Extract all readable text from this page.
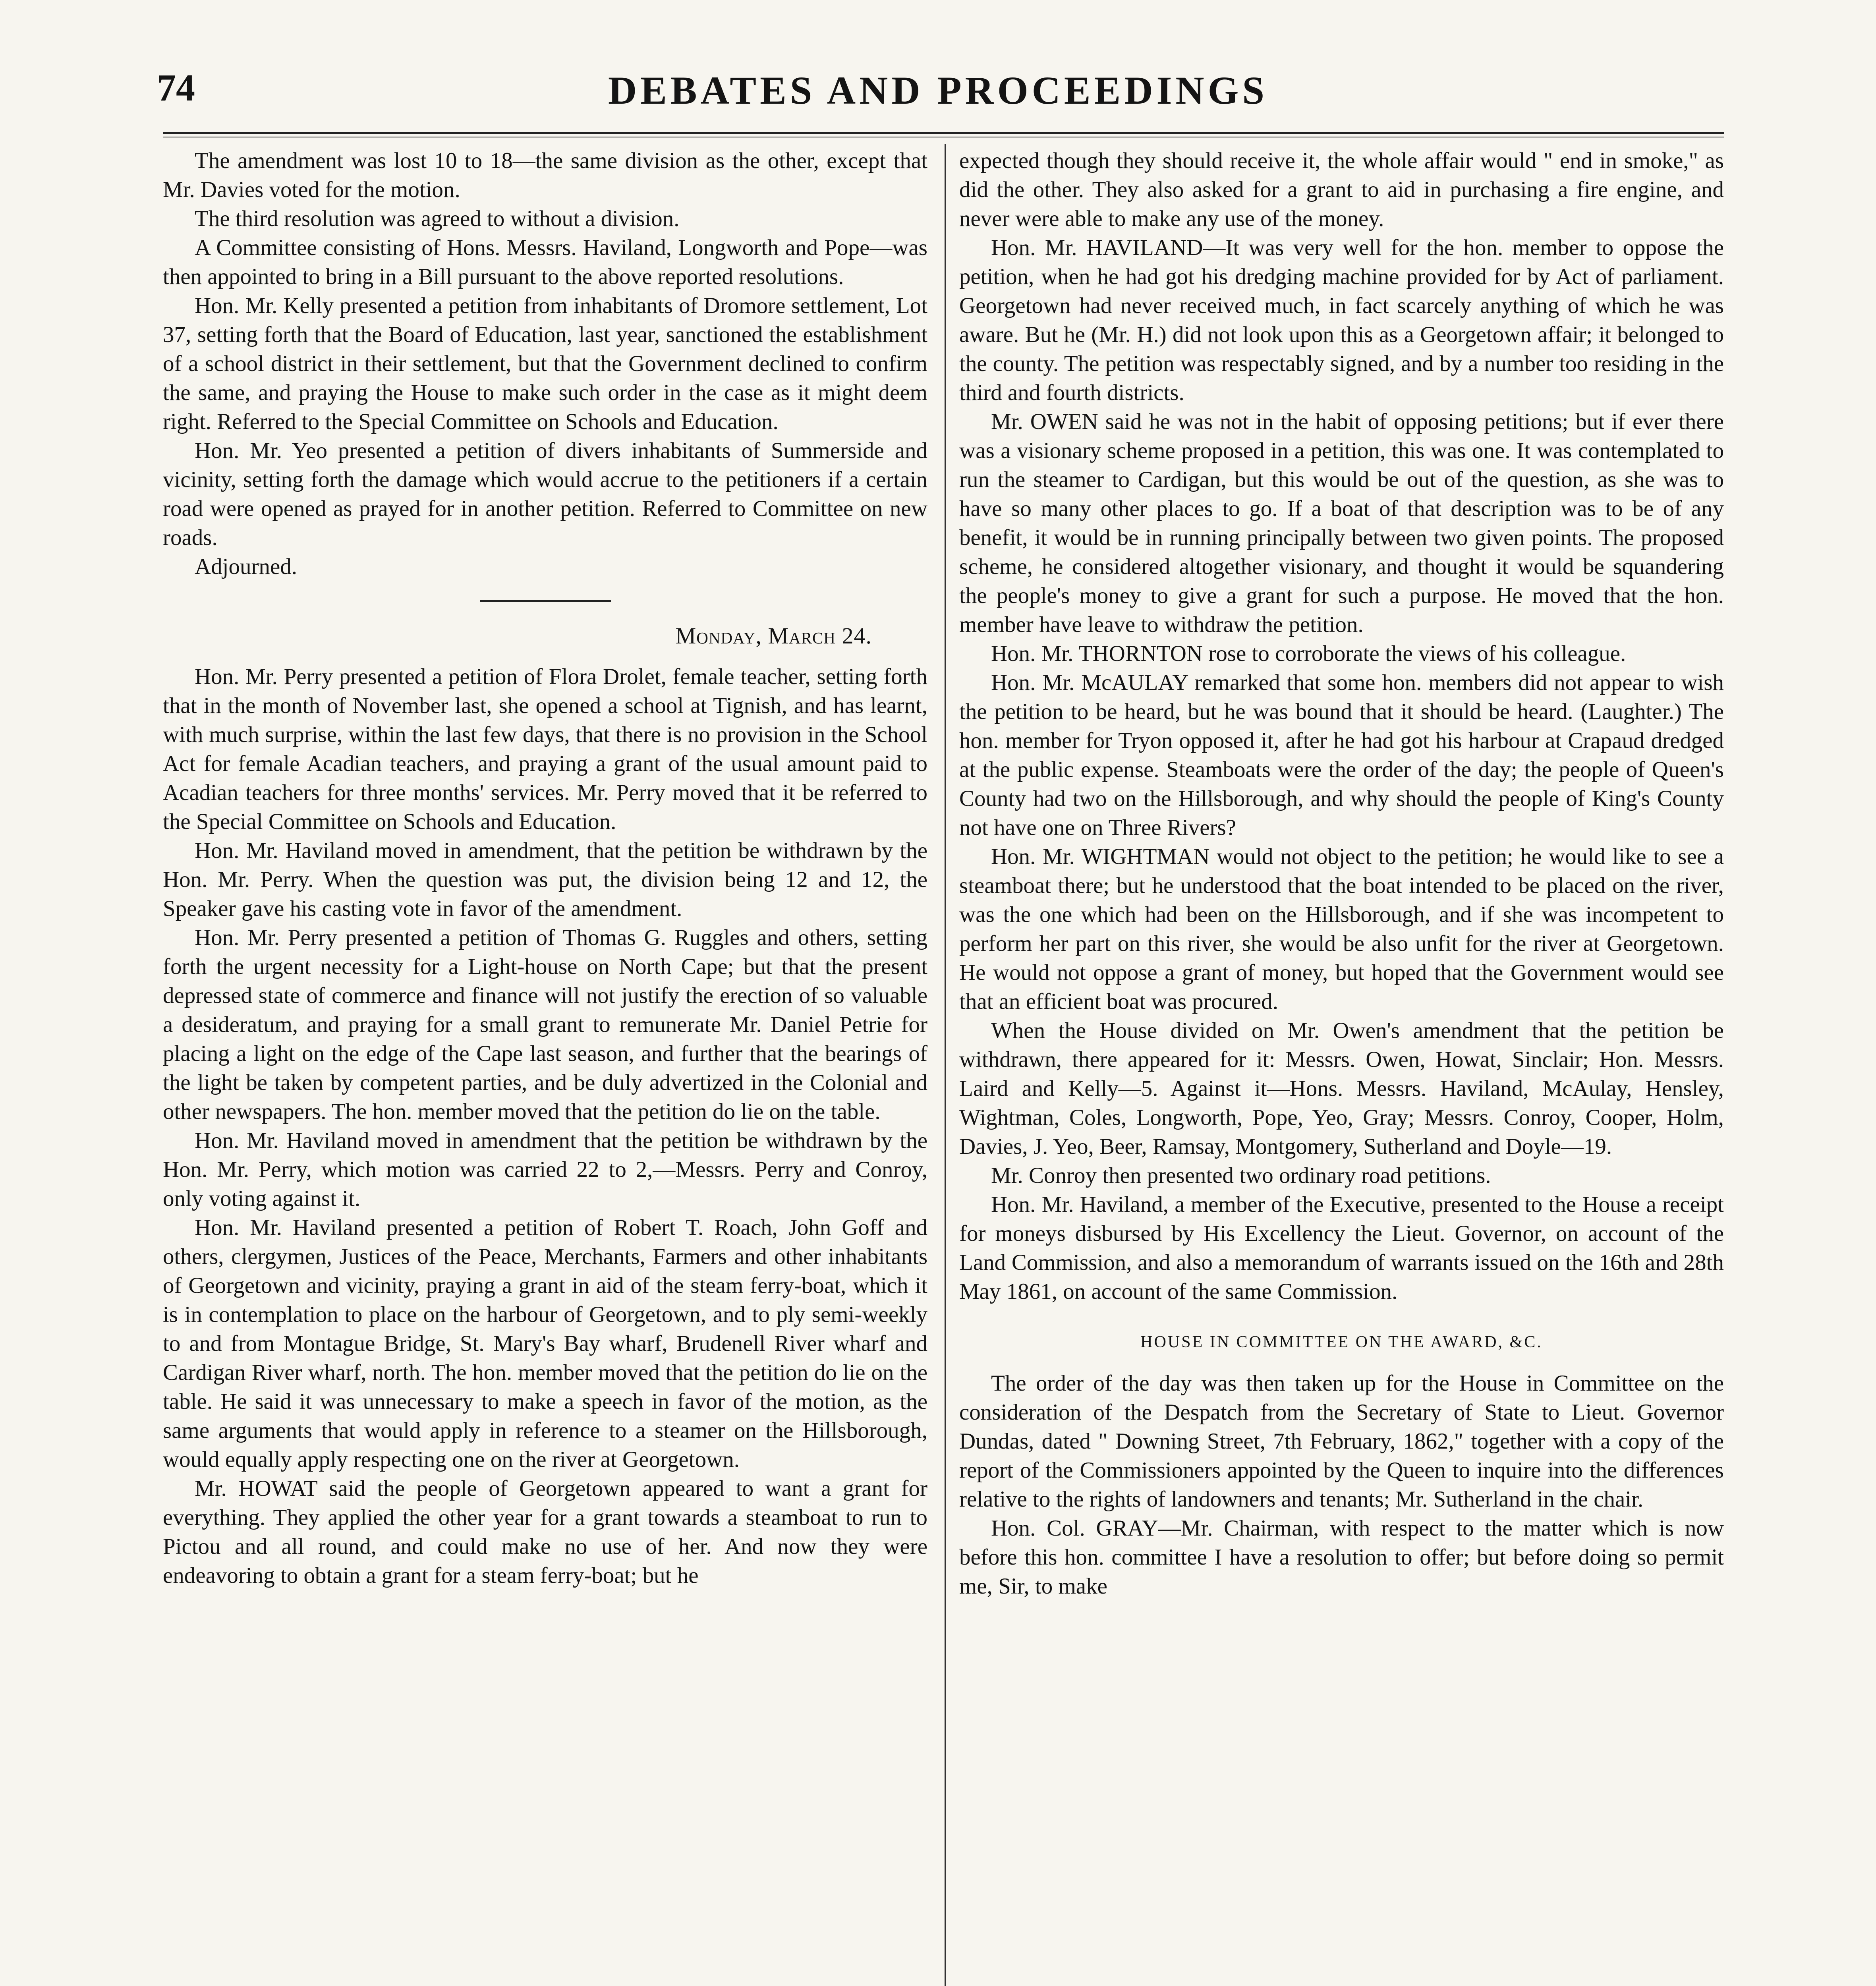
74	DEBATES AND PROCEEDINGS

The amendment was lost 10 to 18—the same division as the other, except that Mr. Davies voted for the motion.

The third resolution was agreed to without a division.

A Committee consisting of Hons. Messrs. Haviland, Longworth and Pope—was then appointed to bring in a Bill pursuant to the above reported resolutions.

Hon. Mr. Kelly presented a petition from inhabitants of Dromore settlement, Lot 37, setting forth that the Board of Education, last year, sanctioned the establishment of a school district in their settlement, but that the Government declined to confirm the same, and praying the House to make such order in the case as it might deem right. Referred to the Special Committee on Schools and Education.

Hon. Mr. Yeo presented a petition of divers inhabitants of Summerside and vicinity, setting forth the damage which would accrue to the petitioners if a certain road were opened as prayed for in another petition. Referred to Committee on new roads.

Adjourned.

Monday, March 24.

Hon. Mr. Perry presented a petition of Flora Drolet, female teacher, setting forth that in the month of November last, she opened a school at Tignish, and has learnt, with much surprise, within the last few days, that there is no provision in the School Act for female Acadian teachers, and praying a grant of the usual amount paid to Acadian teachers for three months' services. Mr. Perry moved that it be referred to the Special Committee on Schools and Education.

Hon. Mr. Haviland moved in amendment, that the petition be withdrawn by the Hon. Mr. Perry. When the question was put, the division being 12 and 12, the Speaker gave his casting vote in favor of the amendment.

Hon. Mr. Perry presented a petition of Thomas G. Ruggles and others, setting forth the urgent necessity for a Light-house on North Cape; but that the present depressed state of commerce and finance will not justify the erection of so valuable a desideratum, and praying for a small grant to remunerate Mr. Daniel Petrie for placing a light on the edge of the Cape last season, and further that the bearings of the light be taken by competent parties, and be duly advertized in the Colonial and other newspapers. The hon. member moved that the petition do lie on the table.

Hon. Mr. Haviland moved in amendment that the petition be withdrawn by the Hon. Mr. Perry, which motion was carried 22 to 2,—Messrs. Perry and Conroy, only voting against it.

Hon. Mr. Haviland presented a petition of Robert T. Roach, John Goff and others, clergymen, Justices of the Peace, Merchants, Farmers and other inhabitants of Georgetown and vicinity, praying a grant in aid of the steam ferry-boat, which it is in contemplation to place on the harbour of Georgetown, and to ply semi-weekly to and from Montague Bridge, St. Mary's Bay wharf, Brudenell River wharf and Cardigan River wharf, north. The hon. member moved that the petition do lie on the table. He said it was unnecessary to make a speech in favor of the motion, as the same arguments that would apply in reference to a steamer on the Hillsborough, would equally apply respecting one on the river at Georgetown.

Mr. HOWAT said the people of Georgetown appeared to want a grant for everything. They applied the other year for a grant towards a steamboat to run to Pictou and all round, and could make no use of her. And now they were endeavoring to obtain a grant for a steam ferry-boat; but he

expected though they should receive it, the whole affair would " end in smoke," as did the other. They also asked for a grant to aid in purchasing a fire engine, and never were able to make any use of the money.

Hon. Mr. HAVILAND—It was very well for the hon. member to oppose the petition, when he had got his dredging machine provided for by Act of parliament. Georgetown had never received much, in fact scarcely anything of which he was aware. But he (Mr. H.) did not look upon this as a Georgetown affair; it belonged to the county. The petition was respectably signed, and by a number too residing in the third and fourth districts.

Mr. OWEN said he was not in the habit of opposing petitions; but if ever there was a visionary scheme proposed in a petition, this was one. It was contemplated to run the steamer to Cardigan, but this would be out of the question, as she was to have so many other places to go. If a boat of that description was to be of any benefit, it would be in running principally between two given points. The proposed scheme, he considered altogether visionary, and thought it would be squandering the people's money to give a grant for such a purpose. He moved that the hon. member have leave to withdraw the petition.

Hon. Mr. THORNTON rose to corroborate the views of his colleague.

Hon. Mr. McAULAY remarked that some hon. members did not appear to wish the petition to be heard, but he was bound that it should be heard. (Laughter.) The hon. member for Tryon opposed it, after he had got his harbour at Crapaud dredged at the public expense. Steamboats were the order of the day; the people of Queen's County had two on the Hillsborough, and why should the people of King's County not have one on Three Rivers?

Hon. Mr. WIGHTMAN would not object to the petition; he would like to see a steamboat there; but he understood that the boat intended to be placed on the river, was the one which had been on the Hillsborough, and if she was incompetent to perform her part on this river, she would be also unfit for the river at Georgetown. He would not oppose a grant of money, but hoped that the Government would see that an efficient boat was procured.

When the House divided on Mr. Owen's amendment that the petition be withdrawn, there appeared for it: Messrs. Owen, Howat, Sinclair; Hon. Messrs. Laird and Kelly—5. Against it—Hons. Messrs. Haviland, McAulay, Hensley, Wightman, Coles, Longworth, Pope, Yeo, Gray; Messrs. Conroy, Cooper, Holm, Davies, J. Yeo, Beer, Ramsay, Montgomery, Sutherland and Doyle—19.

Mr. Conroy then presented two ordinary road petitions.

Hon. Mr. Haviland, a member of the Executive, presented to the House a receipt for moneys disbursed by His Excellency the Lieut. Governor, on account of the Land Commission, and also a memorandum of warrants issued on the 16th and 28th May 1861, on account of the same Commission.

HOUSE IN COMMITTEE ON THE AWARD, &C.

The order of the day was then taken up for the House in Committee on the consideration of the Despatch from the Secretary of State to Lieut. Governor Dundas, dated " Downing Street, 7th February, 1862," together with a copy of the report of the Commissioners appointed by the Queen to inquire into the differences relative to the rights of landowners and tenants; Mr. Sutherland in the chair.

Hon. Col. GRAY—Mr. Chairman, with respect to the matter which is now before this hon. committee I have a resolution to offer; but before doing so permit me, Sir, to make
